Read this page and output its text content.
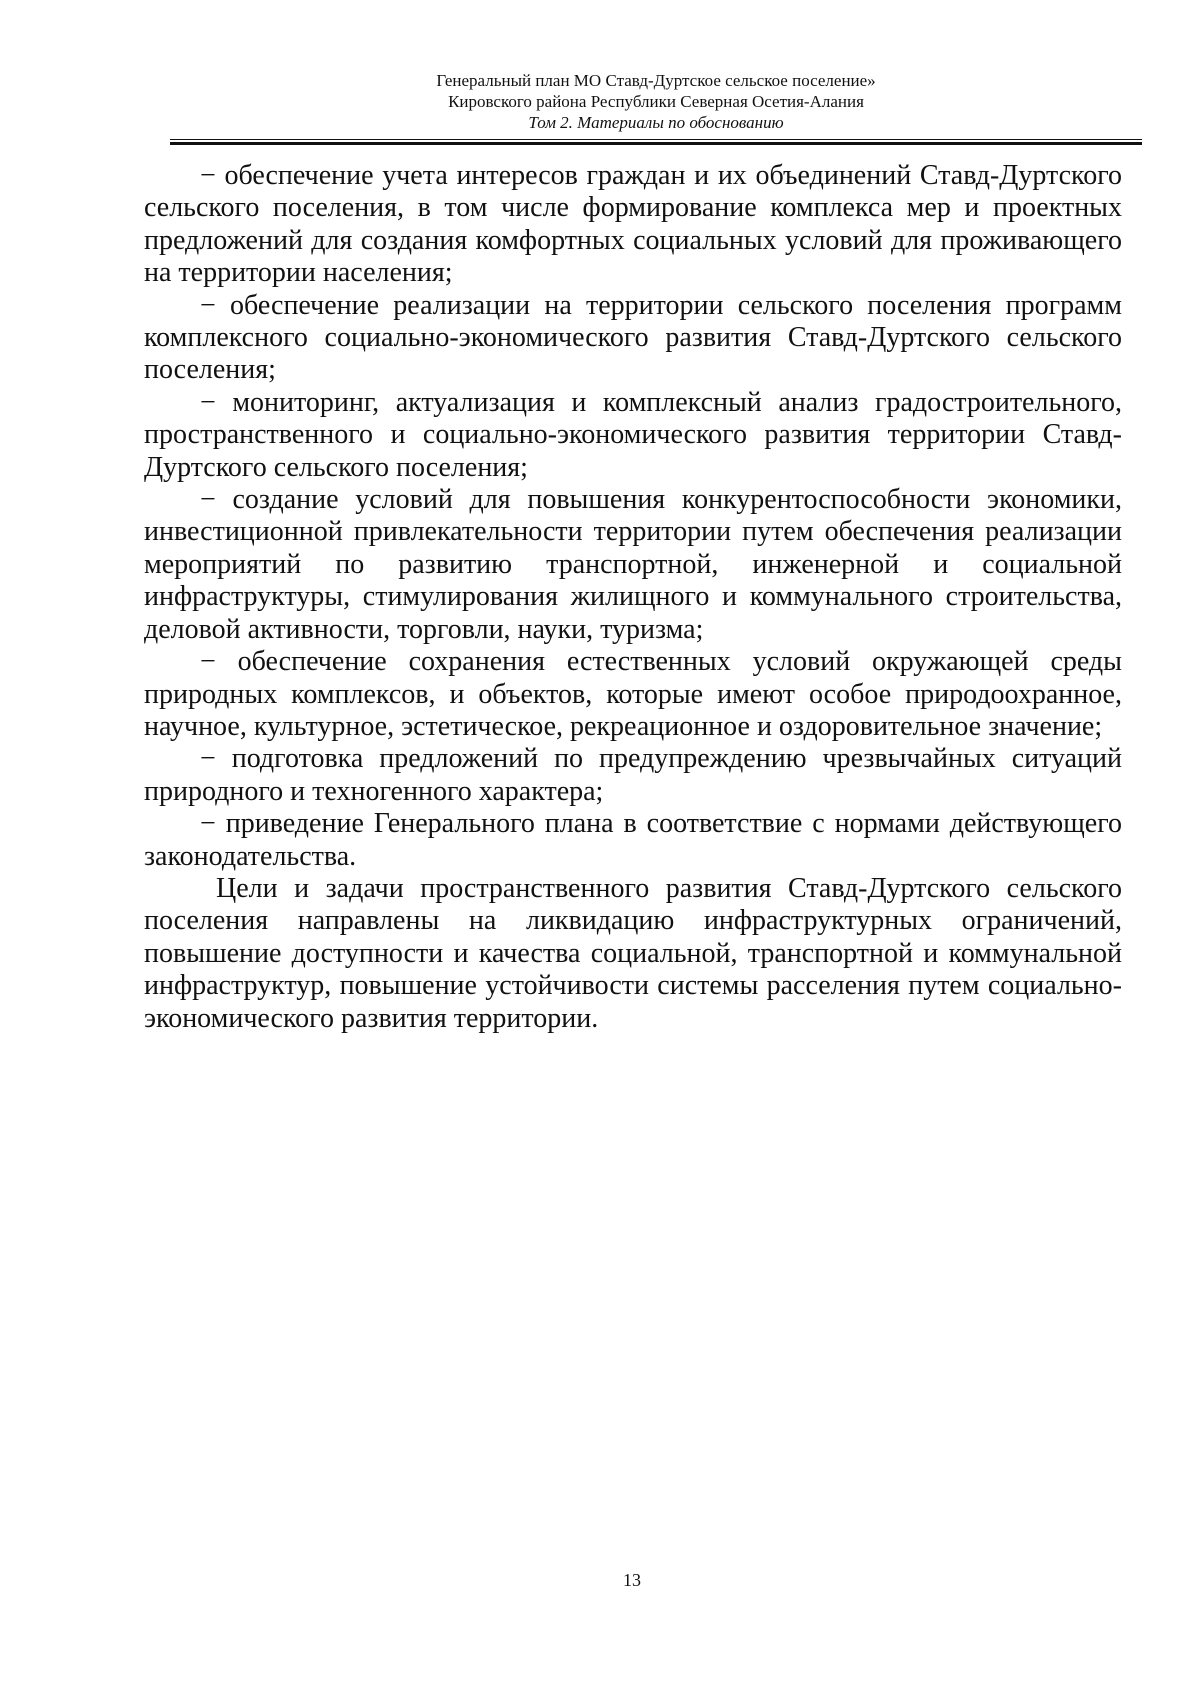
Генеральный план МО Ставд-Дуртское сельское поселение»
Кировского района Республики Северная Осетия-Алания
Том 2. Материалы по обоснованию

− обеспечение учета интересов граждан и их объединений Ставд-Дуртского сельского поселения, в том числе формирование комплекса мер и проектных предложений для создания комфортных социальных условий для проживающего на территории населения;

− обеспечение реализации на территории сельского поселения программ комплексного социально-экономического развития Ставд-Дуртского сельского поселения;

− мониторинг, актуализация и комплексный анализ градостроительного, пространственного и социально-экономического развития территории Ставд-Дуртского сельского поселения;

− создание условий для повышения конкурентоспособности экономики, инвестиционной привлекательности территории путем обеспечения реализации мероприятий по развитию транспортной, инженерной и социальной инфраструктуры, стимулирования жилищного и коммунального строительства, деловой активности, торговли, науки, туризма;

− обеспечение сохранения естественных условий окружающей среды природных комплексов, и объектов, которые имеют особое природоохранное, научное, культурное, эстетическое, рекреационное и оздоровительное значение;

− подготовка предложений по предупреждению чрезвычайных ситуаций природного и техногенного характера;

− приведение Генерального плана в соответствие с нормами действующего законодательства.

Цели и задачи пространственного развития Ставд-Дуртского сельского поселения направлены на ликвидацию инфраструктурных ограничений, повышение доступности и качества социальной, транспортной и коммунальной инфраструктур, повышение устойчивости системы расселения путем социально-экономического развития территории.

13
